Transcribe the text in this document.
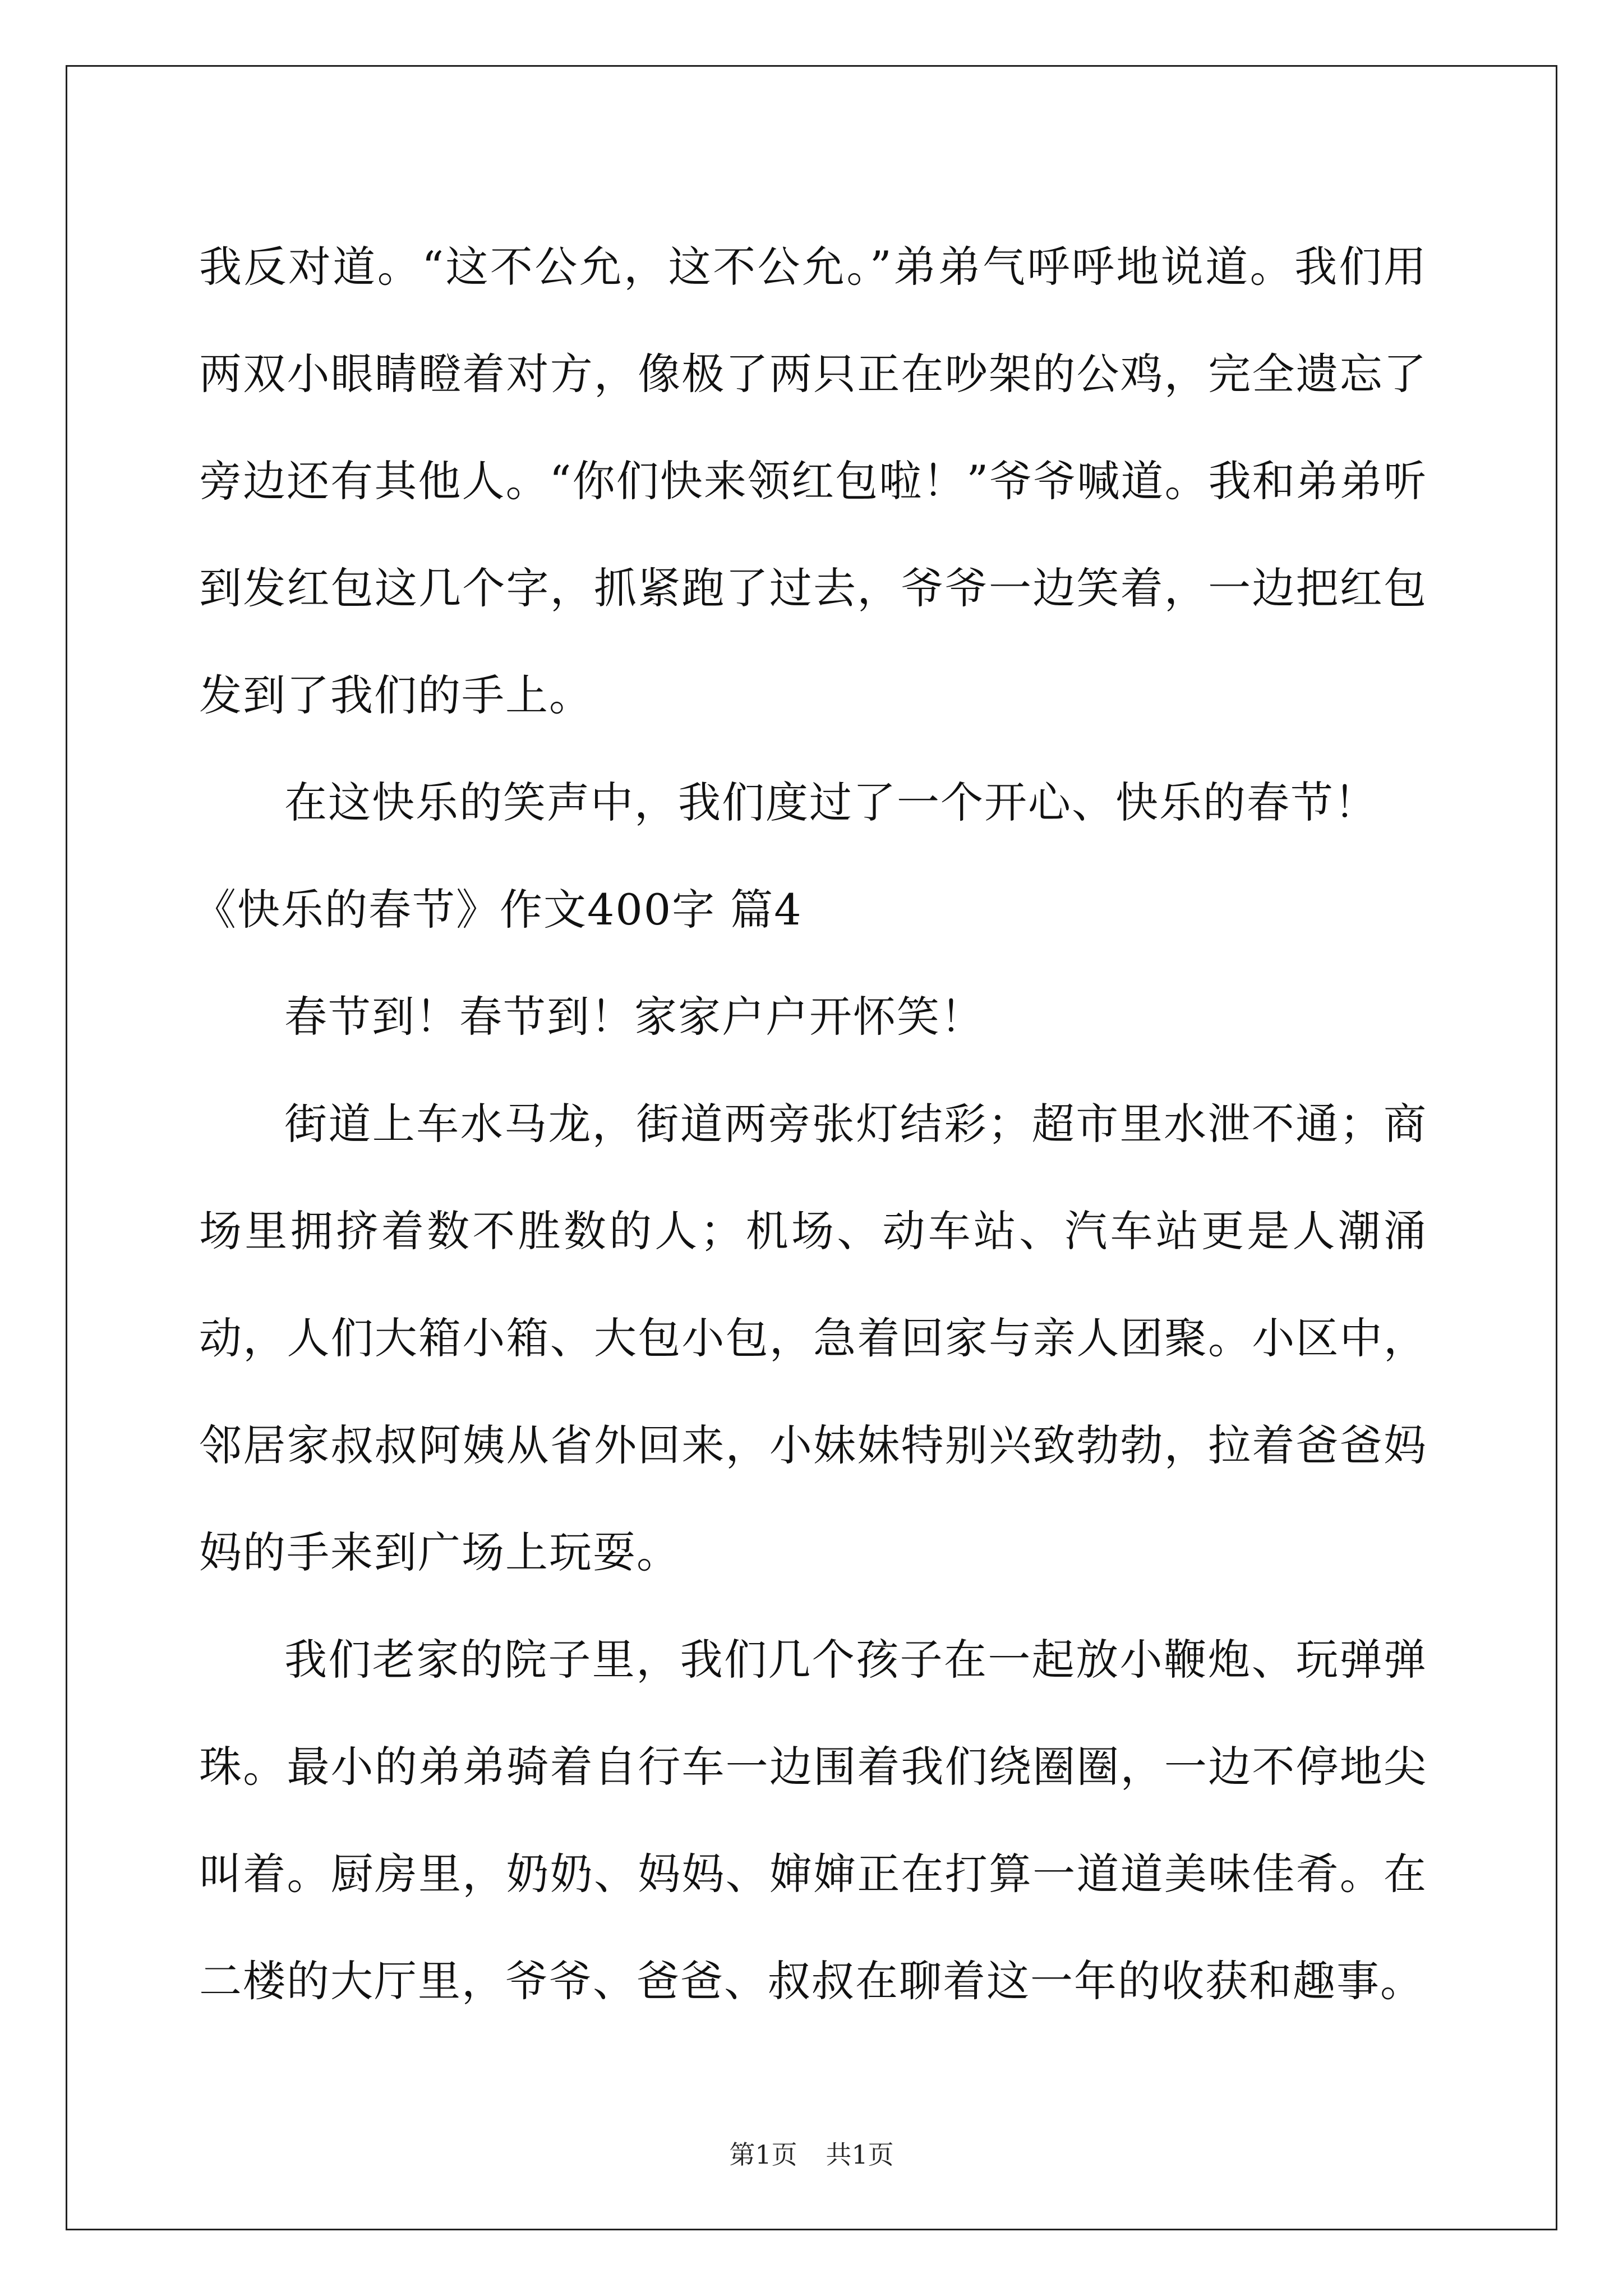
我反对道。“这不公允，这不公允。”弟弟气呼呼地说道。我们用两双小眼睛瞪着对方，像极了两只正在吵架的公鸡，完全遗忘了旁边还有其他人。“你们快来领红包啦！”爷爷喊道。我和弟弟听到发红包这几个字，抓紧跑了过去，爷爷一边笑着，一边把红包发到了我们的手上。
在这快乐的笑声中，我们度过了一个开心、快乐的春节！
《快乐的春节》作文400字 篇4
春节到！春节到！家家户户开怀笑！
街道上车水马龙，街道两旁张灯结彩；超市里水泄不通；商场里拥挤着数不胜数的人；机场、动车站、汽车站更是人潮涌动，人们大箱小箱、大包小包，急着回家与亲人团聚。小区中，邻居家叔叔阿姨从省外回来，小妹妹特别兴致勃勃，拉着爸爸妈妈的手来到广场上玩耍。
我们老家的院子里，我们几个孩子在一起放小鞭炮、玩弹弹珠。最小的弟弟骑着自行车一边围着我们绕圈圈，一边不停地尖叫着。厨房里，奶奶、妈妈、婶婶正在打算一道道美味佳肴。在二楼的大厅里，爷爷、爸爸、叔叔在聊着这一年的收获和趣事。
第1页 共1页
